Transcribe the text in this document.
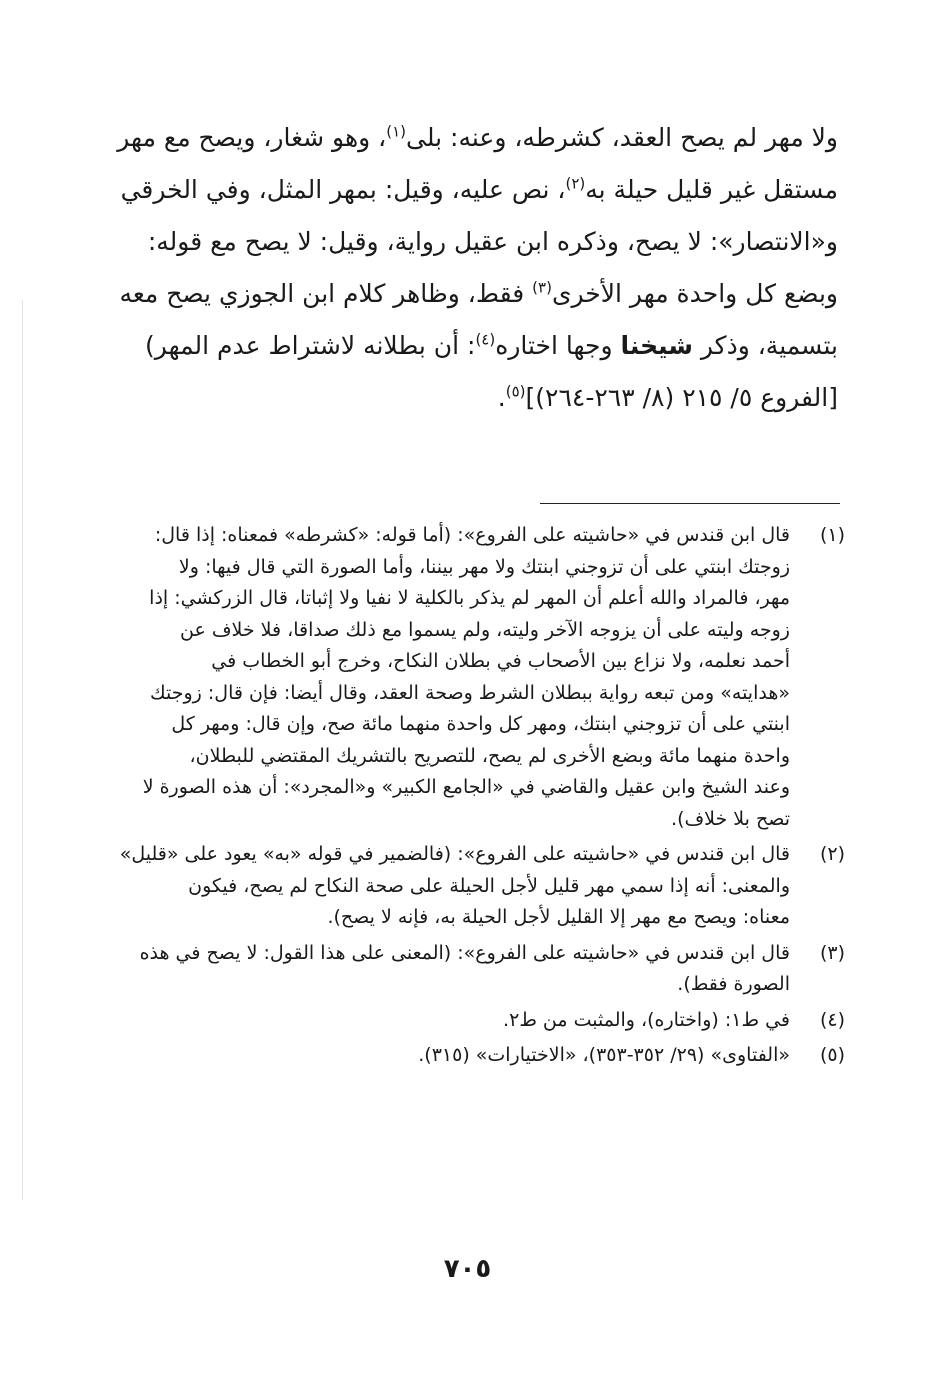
ولا مهر لم يصح العقد، كشرطه، وعنه: بلى$^{(١)}$، وهو شغار، ويصح مع مهر
مستقل غير قليل حيلة به$^{(٢)}$، نص عليه، وقيل: بمهر المثل، وفي الخرقي
و«الانتصار»: لا يصح، وذكره ابن عقيل رواية، وقيل: لا يصح مع قوله:
وبضع كل واحدة مهر الأخرى$^{(٣)}$ فقط، وظاهر كلام ابن الجوزي يصح معه
بتسمية، وذكر شيخنا وجها اختاره$^{(٤)}$: أن بطلانه لاشتراط عدم المهر)
[الفروع ٥/ ٢١٥ (٨/ ٢٦٣-٢٦٤)]$^{(٥)}$.
(١)
قال ابن قندس في «حاشيته على الفروع»: (أما قوله: «كشرطه» فمعناه: إذا قال:
زوجتك ابنتي على أن تزوجني ابنتك ولا مهر بيننا، وأما الصورة التي قال فيها: ولا
مهر، فالمراد والله أعلم أن المهر لم يذكر بالكلية لا نفيا ولا إثباتا، قال الزركشي: إذا
زوجه وليته على أن يزوجه الآخر وليته، ولم يسموا مع ذلك صداقا، فلا خلاف عن
أحمد نعلمه، ولا نزاع بين الأصحاب في بطلان النكاح، وخرج أبو الخطاب في
«هدايته» ومن تبعه رواية ببطلان الشرط وصحة العقد، وقال أيضا: فإن قال: زوجتك
ابنتي على أن تزوجني ابنتك، ومهر كل واحدة منهما مائة صح، وإن قال: ومهر كل
واحدة منهما مائة وبضع الأخرى لم يصح، للتصريح بالتشريك المقتضي للبطلان،
وعند الشيخ وابن عقيل والقاضي في «الجامع الكبير» و«المجرد»: أن هذه الصورة لا
تصح بلا خلاف).
(٢)
قال ابن قندس في «حاشيته على الفروع»: (فالضمير في قوله «به» يعود على «قليل»
والمعنى: أنه إذا سمي مهر قليل لأجل الحيلة على صحة النكاح لم يصح، فيكون
معناه: ويصح مع مهر إلا القليل لأجل الحيلة به، فإنه لا يصح).
(٣)
قال ابن قندس في «حاشيته على الفروع»: (المعنى على هذا القول: لا يصح في هذه
الصورة فقط).
(٤)
في ط١: (واختاره)، والمثبت من ط٢.
(٥)
«الفتاوى» (٢٩/ ٣٥٢-٣٥٣)، «الاختيارات» (٣١٥).
٧٠٥
